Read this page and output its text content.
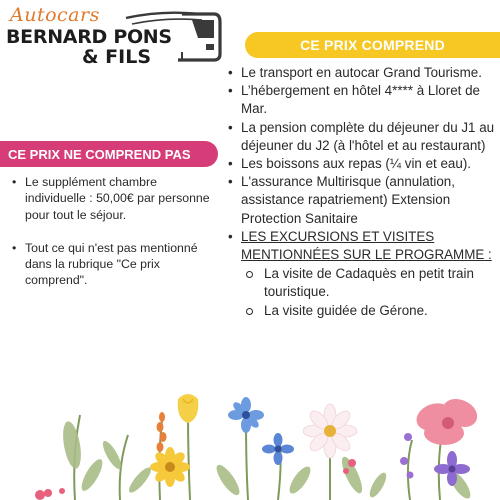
Autocars
BERNARD PONS
& FILS
CE PRIX COMPREND
• Le transport en autocar Grand Tourisme.
• L’hébergement en hôtel 4**** à Lloret de Mar.
• La pension complète du déjeuner du J1 au déjeuner du J2 (à l'hôtel et au restaurant)
• Les boissons aux repas (¼ vin et eau).
• L'assurance Multirisque (annulation, assistance rapatriement) Extension Protection Sanitaire
• LES EXCURSIONS ET VISITES MENTIONNÉES SUR LE PROGRAMME :
La visite de Cadaquès en petit train touristique.
La visite guidée de Gérone.
CE PRIX NE COMPREND PAS
• Le supplément chambre individuelle : 50,00€ par personne pour tout le séjour.
• Tout ce qui n'est pas mentionné dans la rubrique "Ce prix comprend".
